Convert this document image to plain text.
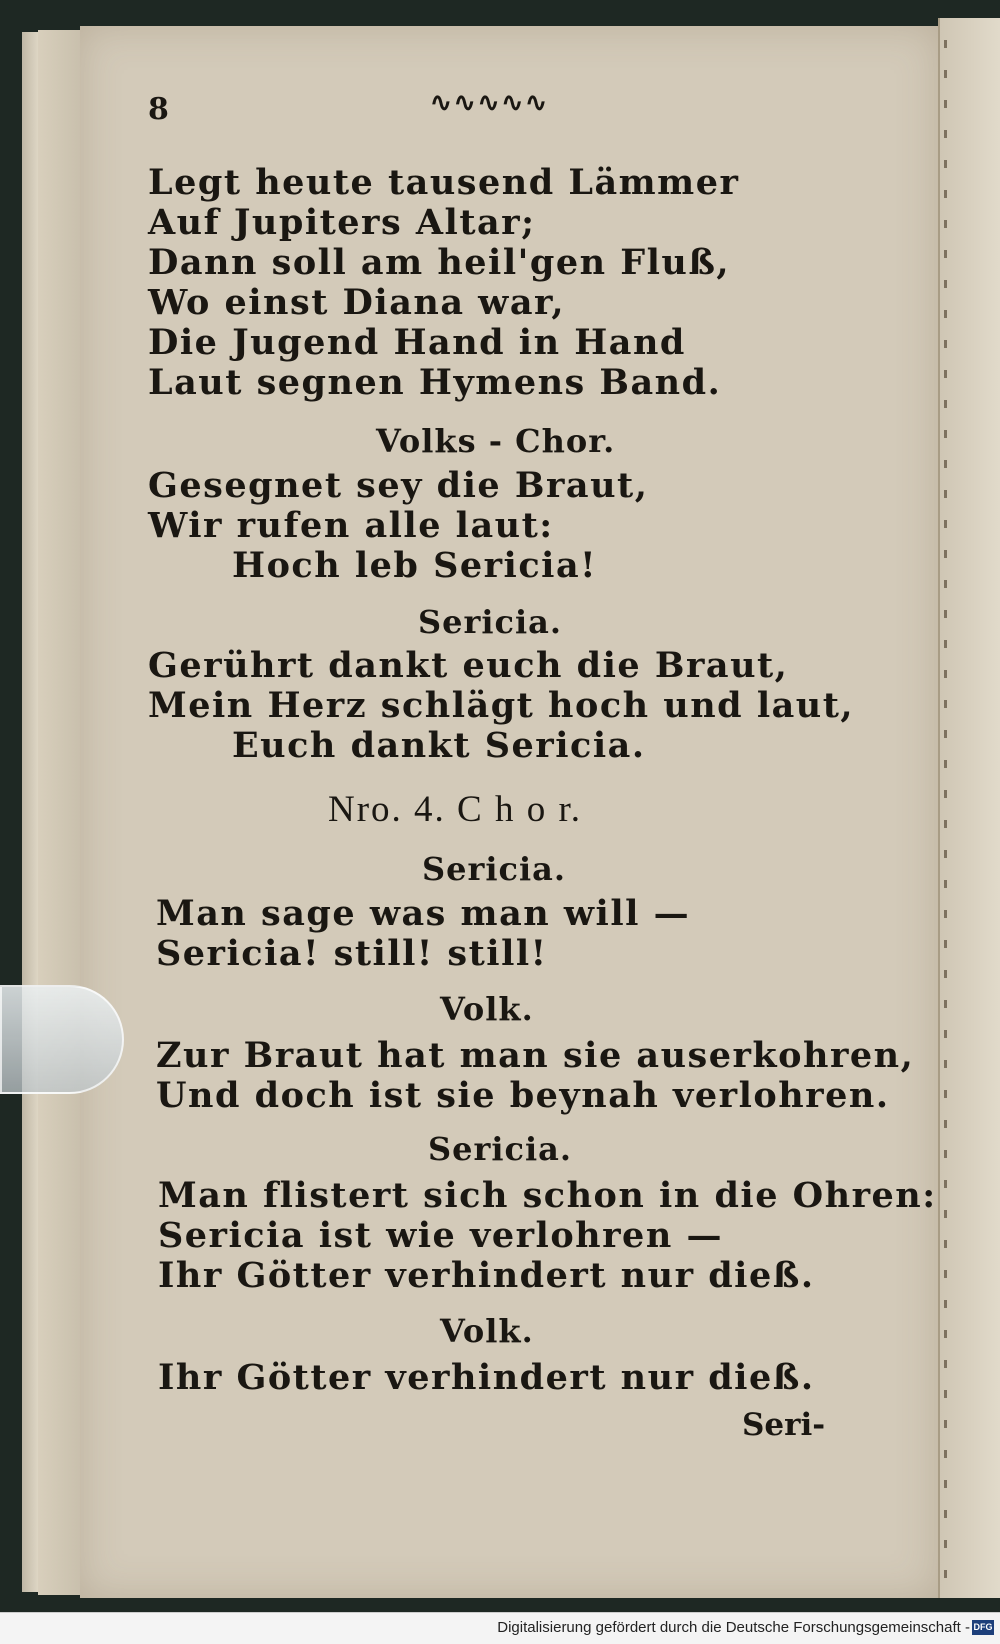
8	∿∿∿∿∿
Legt heute tausend Lämmer
Auf Jupiters Altar;
Dann soll am heil'gen Fluß,
Wo einst Diana war,
Die Jugend Hand in Hand
Laut segnen Hymens Band.
Volks - Chor.
Gesegnet sey die Braut,
Wir rufen alle laut:
Hoch leb Sericia!
Sericia.
Gerührt dankt euch die Braut,
Mein Herz schlägt hoch und laut,
Euch dankt Sericia.
Nro. 4. C h o r.
Sericia.
Man sage was man will —
Sericia! still! still!
Volk.
Zur Braut hat man sie auserkohren,
Und doch ist sie beynah verlohren.
Sericia.
Man flistert sich schon in die Ohren:
Sericia ist wie verlohren —
Ihr Götter verhindert nur dieß.
Volk.
Ihr Götter verhindert nur dieß.
Seri-
Digitalisierung gefördert durch die Deutsche Forschungsgemeinschaft - DFG
